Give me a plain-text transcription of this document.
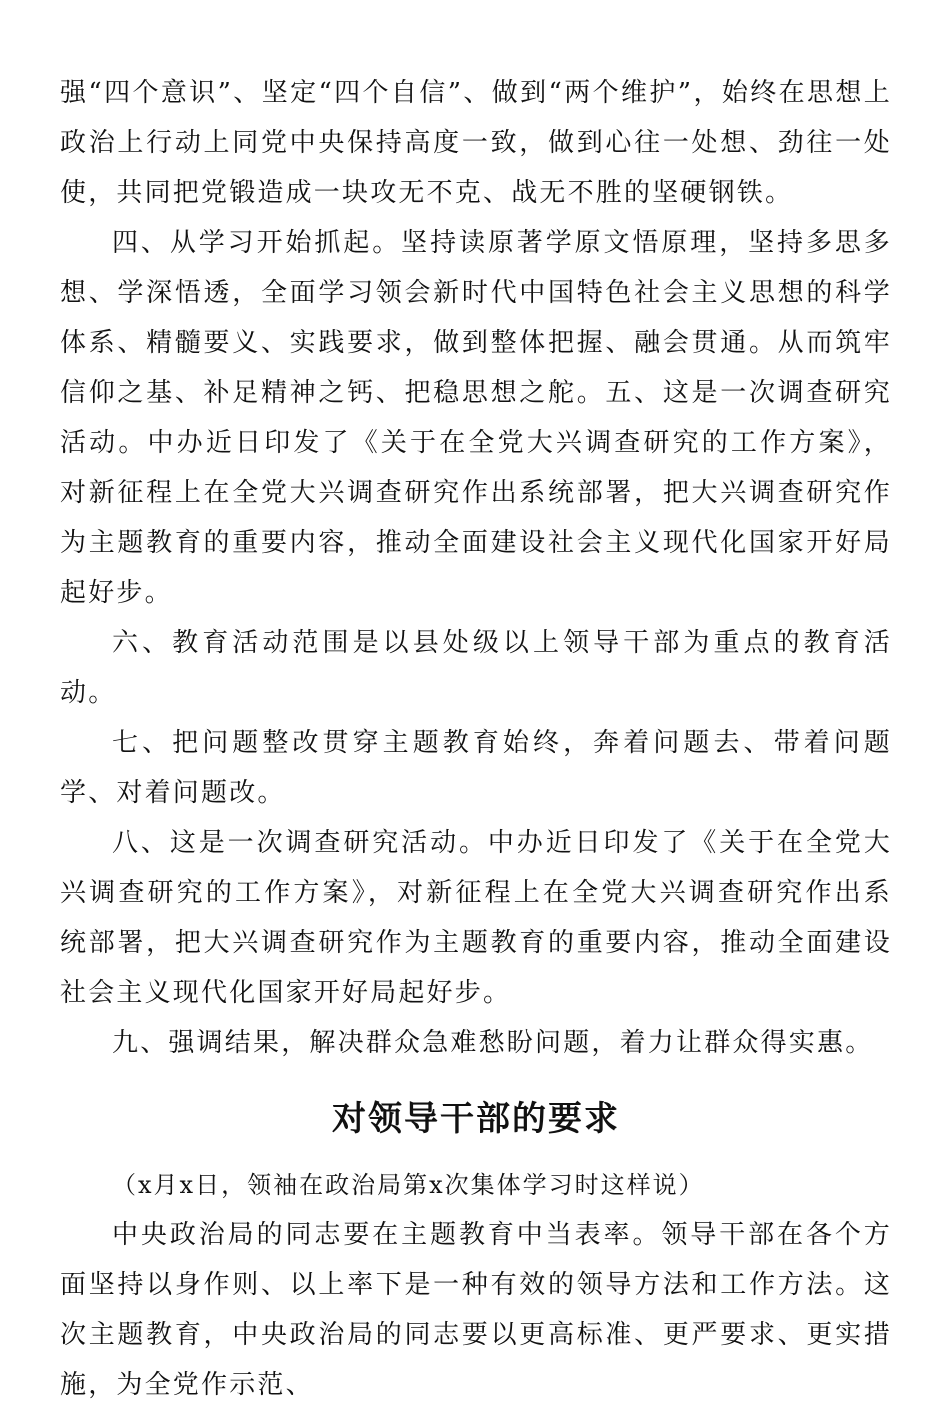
强“四个意识”、坚定“四个自信”、做到“两个维护”，始终在思想上政治上行动上同党中央保持高度一致，做到心往一处想、劲往一处使，共同把党锻造成一块攻无不克、战无不胜的坚硬钢铁。

四、从学习开始抓起。坚持读原著学原文悟原理，坚持多思多想、学深悟透，全面学习领会新时代中国特色社会主义思想的科学体系、精髓要义、实践要求，做到整体把握、融会贯通。从而筑牢信仰之基、补足精神之钙、把稳思想之舵。五、这是一次调查研究活动。中办近日印发了《关于在全党大兴调查研究的工作方案》，对新征程上在全党大兴调查研究作出系统部署，把大兴调查研究作为主题教育的重要内容，推动全面建设社会主义现代化国家开好局起好步。

六、教育活动范围是以县处级以上领导干部为重点的教育活动。

七、把问题整改贯穿主题教育始终，奔着问题去、带着问题学、对着问题改。

八、这是一次调查研究活动。中办近日印发了《关于在全党大兴调查研究的工作方案》，对新征程上在全党大兴调查研究作出系统部署，把大兴调查研究作为主题教育的重要内容，推动全面建设社会主义现代化国家开好局起好步。

九、强调结果，解决群众急难愁盼问题，着力让群众得实惠。

对领导干部的要求

（x月x日，领袖在政治局第x次集体学习时这样说）

中央政治局的同志要在主题教育中当表率。领导干部在各个方面坚持以身作则、以上率下是一种有效的领导方法和工作方法。这次主题教育，中央政治局的同志要以更高标准、更严要求、更实措施，为全党作示范、
